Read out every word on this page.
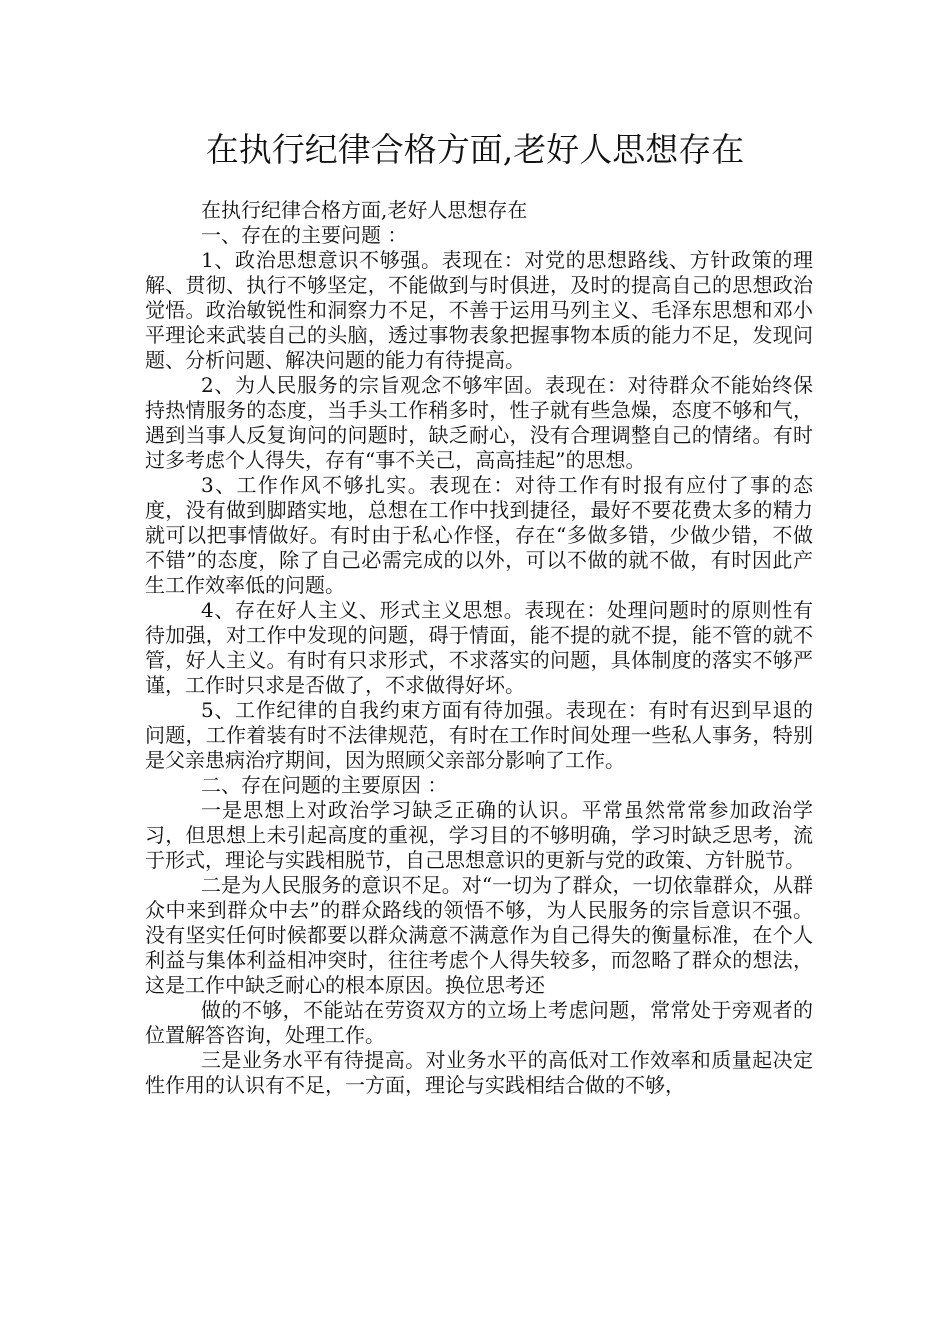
在执行纪律合格方面,老好人思想存在

在执行纪律合格方面,老好人思想存在

一、存在的主要问题 ：

1、政治思想意识不够强。表现在：对党的思想路线、方针政策的理解、贯彻、执行不够坚定，不能做到与时俱进，及时的提高自己的思想政治觉悟。政治敏锐性和洞察力不足，不善于运用马列主义、毛泽东思想和邓小平理论来武装自己的头脑，透过事物表象把握事物本质的能力不足，发现问题、分析问题、解决问题的能力有待提高。

2、为人民服务的宗旨观念不够牢固。表现在：对待群众不能始终保持热情服务的态度，当手头工作稍多时，性子就有些急燥，态度不够和气，遇到当事人反复询问的问题时，缺乏耐心，没有合理调整自己的情绪。有时过多考虑个人得失，存有“事不关己，高高挂起”的思想。

3、工作作风不够扎实。表现在：对待工作有时报有应付了事的态度，没有做到脚踏实地，总想在工作中找到捷径，最好不要花费太多的精力就可以把事情做好。有时由于私心作怪，存在“多做多错，少做少错，不做不错”的态度，除了自己必需完成的以外，可以不做的就不做，有时因此产生工作效率低的问题。

4、存在好人主义、形式主义思想。表现在：处理问题时的原则性有待加强，对工作中发现的问题，碍于情面，能不提的就不提，能不管的就不管，好人主义。有时有只求形式，不求落实的问题，具体制度的落实不够严谨，工作时只求是否做了，不求做得好坏。

5、工作纪律的自我约束方面有待加强。表现在：有时有迟到早退的问题，工作着装有时不法律规范，有时在工作时间处理一些私人事务，特别是父亲患病治疗期间，因为照顾父亲部分影响了工作。

二、存在问题的主要原因 ：

一是思想上对政治学习缺乏正确的认识。平常虽然常常参加政治学习，但思想上未引起高度的重视，学习目的不够明确，学习时缺乏思考，流于形式，理论与实践相脱节，自己思想意识的更新与党的政策、方针脱节。

二是为人民服务的意识不足。对“一切为了群众，一切依靠群众，从群众中来到群众中去”的群众路线的领悟不够，为人民服务的宗旨意识不强。没有坚实任何时候都要以群众满意不满意作为自己得失的衡量标准，在个人利益与集体利益相冲突时，往往考虑个人得失较多，而忽略了群众的想法，这是工作中缺乏耐心的根本原因。换位思考还

做的不够，不能站在劳资双方的立场上考虑问题，常常处于旁观者的位置解答咨询，处理工作。

三是业务水平有待提高。对业务水平的高低对工作效率和质量起决定性作用的认识有不足，一方面，理论与实践相结合做的不够，
